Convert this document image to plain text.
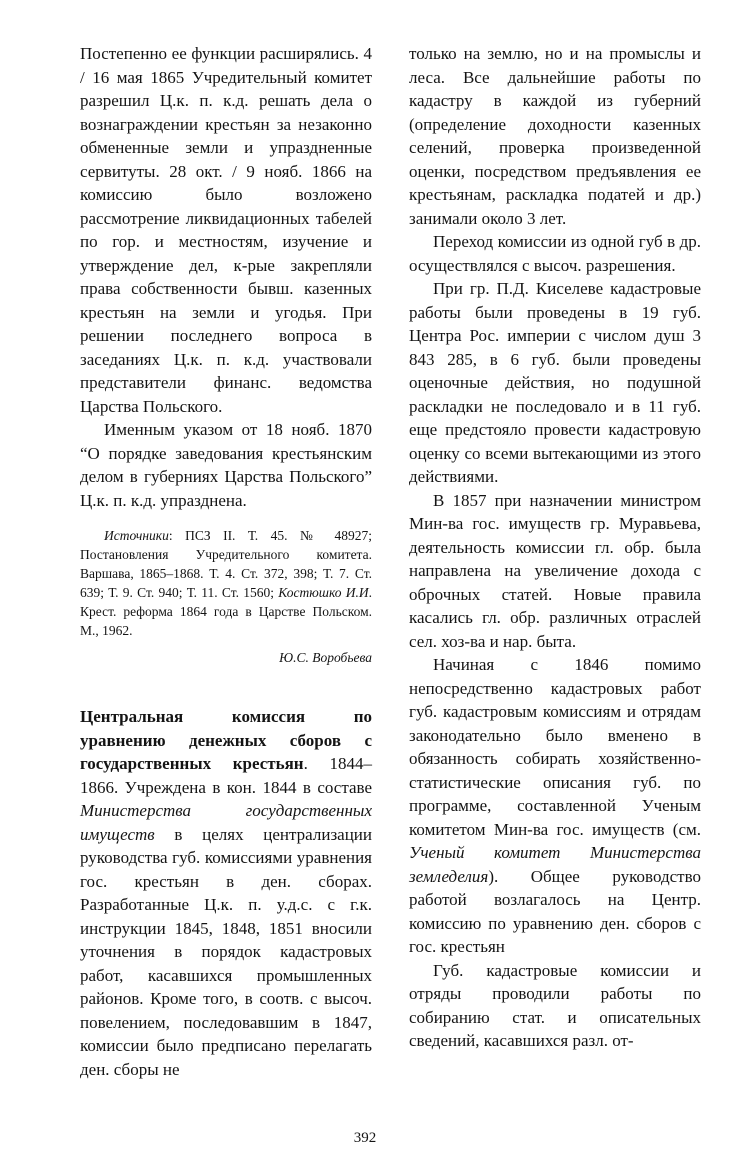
Постепенно ее функции расширялись. 4 / 16 мая 1865 Учредительный комитет разрешил Ц.к. п. к.д. решать дела о вознаграждении крестьян за незаконно обмененные земли и упраздненные сервитуты. 28 окт. / 9 нояб. 1866 на комиссию было возложено рассмотрение ликвидационных табелей по гор. и местностям, изучение и утверждение дел, к-рые закрепляли права собственности бывш. казенных крестьян на земли и угодья. При решении последнего вопроса в заседаниях Ц.к. п. к.д. участвовали представители финанс. ведомства Царства Польского.

Именным указом от 18 нояб. 1870 “О порядке заведования крестьянским делом в губерниях Царства Польского” Ц.к. п. к.д. упразднена.

Источники: ПСЗ II. Т. 45. № 48927; Постановления Учредительного комитета. Варшава, 1865–1868. Т. 4. Ст. 372, 398; Т. 7. Ст. 639; Т. 9. Ст. 940; Т. 11. Ст. 1560; Костюшко И.И. Крест. реформа 1864 года в Царстве Польском. М., 1962.

Ю.С. Воробьева

Центральная комиссия по уравнению денежных сборов с государственных крестьян. 1844–1866. Учреждена в кон. 1844 в составе Министерства государственных имуществ в целях централизации руководства губ. комиссиями уравнения гос. крестьян в ден. сборах. Разработанные Ц.к. п. у.д.с. с г.к. инструкции 1845, 1848, 1851 вносили уточнения в порядок кадастровых работ, касавшихся промышленных районов. Кроме того, в соотв. с высоч. повелением, последовавшим в 1847, комиссии было предписано перелагать ден. сборы не

только на землю, но и на промыслы и леса. Все дальнейшие работы по кадастру в каждой из губерний (определение доходности казенных селений, проверка произведенной оценки, посредством предъявления ее крестьянам, раскладка податей и др.) занимали около 3 лет.

Переход комиссии из одной губ в др. осуществлялся с высоч. разрешения.

При гр. П.Д. Киселеве кадастровые работы были проведены в 19 губ. Центра Рос. империи с числом душ 3 843 285, в 6 губ. были проведены оценочные действия, но подушной раскладки не последовало и в 11 губ. еще предстояло провести кадастровую оценку со всеми вытекающими из этого действиями.

В 1857 при назначении министром Мин-ва гос. имуществ гр. Муравьева, деятельность комиссии гл. обр. была направлена на увеличение дохода с оброчных статей. Новые правила касались гл. обр. различных отраслей сел. хоз-ва и нар. быта.

Начиная с 1846 помимо непосредственно кадастровых работ губ. кадастровым комиссиям и отрядам законодательно было вменено в обязанность собирать хозяйственно-статистические описания губ. по программе, составленной Ученым комитетом Мин-ва гос. имуществ (см. Ученый комитет Министерства земледелия). Общее руководство работой возлагалось на Центр. комиссию по уравнению ден. сборов с гос. крестьян

Губ. кадастровые комиссии и отряды проводили работы по собиранию стат. и описательных сведений, касавшихся разл. от-

392
